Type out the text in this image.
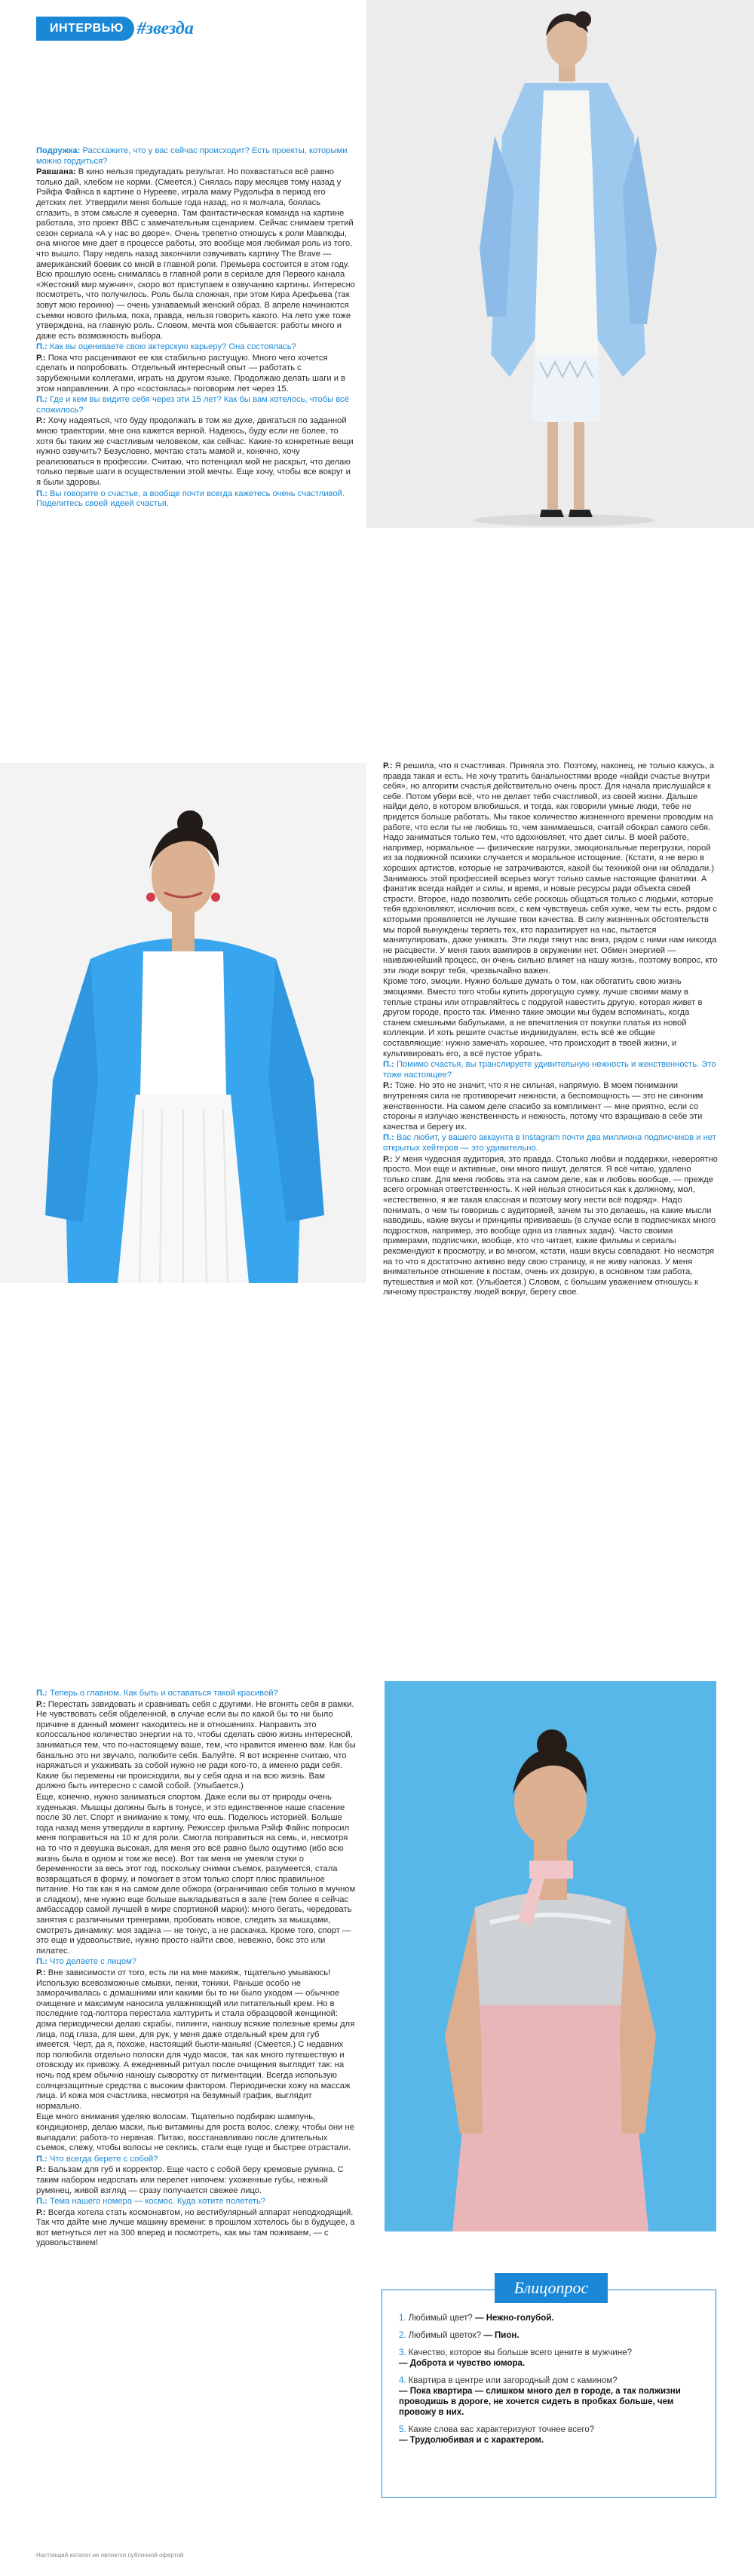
ИНТЕРВЬЮ #звезда

Подружка: Расскажите, что у вас сейчас происходит? Есть проекты, которыми можно гордиться?

Равшана: В кино нельзя предугадать результат. Но похвастаться всё равно только дай, хлебом не корми. (Смеется.) Снялась пару месяцев тому назад у Рэйфа Файнса в картине о Нурееве, играла маму Рудольфа в период его детских лет. Утвердили меня больше года назад, но я молчала, боялась сглазить, в этом смысле я суеверна. Там фантастическая команда на картине работала, это проект BBC с замечательным сценарием. Сейчас снимаем третий сезон сериала «А у нас во дворе». Очень трепетно отношусь к роли Мавлюды, она многое мне дает в процессе работы, это вообще моя любимая роль из того, что вышло. Пару недель назад закончили озвучивать картину The Brave — американский боевик со мной в главной роли. Премьера состоится в этом году. Всю прошлую осень снималась в главной роли в сериале для Первого канала «Жестокий мир мужчин», скоро вот приступаем к озвучанию картины. Интересно посмотреть, что получилось. Роль была сложная, при этом Кира Арефьева (так зовут мою героиню) — очень узнаваемый женский образ. В апреле начинаются съемки нового фильма, пока, правда, нельзя говорить какого. На лето уже тоже утверждена, на главную роль. Словом, мечта моя сбывается: работы много и даже есть возможность выбора.

П.: Как вы оцениваете свою актерскую карьеру? Она состоялась?

Р.: Пока что расценивают ее как стабильно растущую. Много чего хочется сделать и попробовать. Отдельный интересный опыт — работать с зарубежными коллегами, играть на другом языке. Продолжаю делать шаги и в этом направлении. А про «состоялась» поговорим лет через 15.

П.: Где и кем вы видите себя через эти 15 лет? Как бы вам хотелось, чтобы всё сложилось?

Р.: Хочу надеяться, что буду продолжать в том же духе, двигаться по заданной мною траектории, мне она кажется верной. Надеюсь, буду если не более, то хотя бы таким же счастливым человеком, как сейчас. Какие-то конкретные вещи нужно озвучить? Безусловно, мечтаю стать мамой и, конечно, хочу реализоваться в профессии. Считаю, что потенциал мой не раскрыт, что делаю только первые шаги в осуществлении этой мечты. Еще хочу, чтобы все вокруг и я были здоровы.

П.: Вы говорите о счастье, а вообще почти всегда кажетесь очень счастливой. Поделитесь своей идеей счастья.

Р.: Я решила, что я счастливая. Приняла это. Поэтому, наконец, не только кажусь, а правда такая и есть. Не хочу тратить банальностями вроде «найди счастье внутри себя», но алгоритм счастья действительно очень прост. Для начала прислушайся к себе. Потом убери всё, что не делает тебя счастливой, из своей жизни. Дальше найди дело, в котором влюбишься, и тогда, как говорили умные люди, тебе не придется больше работать. Мы такое количество жизненного времени проводим на работе, что если ты не любишь то, чем занимаешься, считай обокрал самого себя. Надо заниматься только тем, что вдохновляет, что дает силы. В моей работе, например, нормальное — физические нагрузки, эмоциональные перегрузки, порой из за подвижной психики случается и моральное истощение. (Кстати, я не верю в хороших артистов, которые не затрачиваются, какой бы техникой они ни обладали.) Занимаюсь этой профессией всерьез могут только самые настоящие фанатики. А фанатик всегда найдет и силы, и время, и новые ресурсы ради объекта своей страсти. Второе, надо позволить себе роскошь общаться только с людьми, которые тебя вдохновляют, исключив всех, с кем чувствуешь себя хуже, чем ты есть, рядом с которыми проявляется не лучшие твои качества. В силу жизненных обстоятельств мы порой вынуждены терпеть тех, кто паразитирует на нас, пытается манипулировать, даже унижать. Эти люди тянут нас вниз, рядом с ними нам никогда не расцвести. У меня таких вампиров в окружении нет. Обмен энергией — наиважнейший процесс, он очень сильно влияет на нашу жизнь, поэтому вопрос, кто эти люди вокруг тебя, чрезвычайно важен.

Кроме того, эмоции. Нужно больше думать о том, как обогатить свою жизнь эмоциями. Вместо того чтобы купить дорогущую сумку, лучше своими маму в теплые страны или отправляйтесь с подругой навестить другую, которая живет в другом городе, просто так. Именно такие эмоции мы будем вспоминать, когда станем смешными бабульками, а не впечатления от покупки платья из новой коллекции. И хоть решите счастье индивидуален, есть всё же общие составляющие: нужно замечать хорошее, что происходит в твоей жизни, и культивировать его, а всё пустое убрать.

П.: Помимо счастья, вы транслируете удивительную нежность и женственность. Это тоже настоящее?

Р.: Тоже. Но это не значит, что я не сильная, напрямую. В моем понимании внутренняя сила не противоречит нежности, а беспомощность — это не синоним женственности. На самом деле спасибо за комплимент — мне приятно, если со стороны я излучаю женственность и нежность, потому что взращиваю в себе эти качества и берегу их.

П.: Вас любит, у вашего аккаунта в Instagram почти два миллиона подписчиков и нет открытых хейтеров — это удивительно.

Р.: У меня чудесная аудитория, это правда. Столько любви и поддержки, невероятно просто. Мои еще и активные, они много пишут, делятся. Я всё читаю, удалено только спам. Для меня любовь эта на самом деле, как и любовь вообще, — прежде всего огромная ответственность. К ней нельзя относиться как к должному, мол, «естественно, я же такая классная и поэтому могу нести всё подряд». Надо понимать, о чем ты говоришь с аудиторией, зачем ты это делаешь, на какие мысли наводишь, какие вкусы и принципы прививаешь (в случае если в подписчиках много подростков, например, это вообще одна из главных задач). Часто своими примерами, подписчики, вообще, кто что читает, какие фильмы и сериалы рекомендуют к просмотру, и во многом, кстати, наши вкусы совпадают. Но несмотря на то что я достаточно активно веду свою страницу, я не живу напоказ. У меня внимательное отношение к постам, очень их дозирую, в основном там работа, путешествия и мой кот. (Улыбается.) Словом, с большим уважением отношусь к личному пространству людей вокруг, берегу свое.

П.: Теперь о главном. Как быть и оставаться такой красивой?

Р.: Перестать завидовать и сравнивать себя с другими. Не вгонять себя в рамки. Не чувствовать себя обделенной, в случае если вы по какой бы то ни было причине в данный момент находитесь не в отношениях. Направить это колоссальное количество энергии на то, чтобы сделать свою жизнь интересной, заниматься тем, что по-настоящему ваше, тем, что нравится именно вам. Как бы банально это ни звучало, полюбите себя. Балуйте. Я вот искренне считаю, что наряжаться и ухаживать за собой нужно не ради кого-то, а именно ради себя. Какие бы перемены ни происходили, вы у себя одна и на всю жизнь. Вам должно быть интересно с самой собой. (Улыбается.)

Еще, конечно, нужно заниматься спортом. Даже если вы от природы очень худенькая. Мышцы должны быть в тонусе, и это единственное наше спасение после 30 лет. Спорт и внимание к тому, что ешь. Поделюсь историей. Больше года назад меня утвердили в картину. Режиссер фильма Рэйф Файнс попросил меня поправиться на 10 кг для роли. Смогла поправиться на семь, и, несмотря на то что я девушка высокая, для меня это всё равно было ощутимо (ибо всю жизнь была в одном и том же весе). Вот так меня не умеяли стуки о беременности за весь этот год, поскольку снимки съемок, разумеется, стала возвращаться в форму, и помогает в этом только спорт плюс правильное питание. Но так как я на самом деле обжора (ограничиваю себя только в мучном и сладком), мне нужно еще больше выкладываться в зале (тем более я сейчас амбассадор самой лучшей в мире спортивной марки): много бегать, чередовать занятия с различными тренерами, пробовать новое, следить за мышцами, смотреть динамику: моя задача — не тонус, а не раскачка. Кроме того, спорт — это еще и удовольствие, нужно просто найти свое, невежно, бокс это или пилатес.

П.: Что делаете с лицом?

Р.: Вне зависимости от того, есть ли на мне макияж, тщательно умываюсь! Использую всевозможные смывки, пенки, тоники. Раньше особо не заморачивалась с домашними или какими бы то ни было уходом — обычное очищение и максимум наносила увлажняющий или питательный крем. Но в последние год-полтора перестала халтурить и стала образцовой женщиной: дома периодически делаю скрабы, пилинги, наношу всякие полезные кремы для лица, под глаза, для шеи, для рук, у меня даже отдельный крем для губ имеется. Черт, да я, похоже, настоящий бьюти-маньяк! (Смеется.) С недавних пор полюбила отдельно полоски для чудо масок, так как много путешествую и отовсюду их привожу. А ежедневный ритуал после очищения выглядит так: на ночь под крем обычно наношу сыворотку от пигментации. Всегда использую солнцезащитные средства с высоким фактором. Периодически хожу на массаж лица. И кожа моя счастлива, несмотря на безумный график, выглядит нормально.

Еще много внимания уделяю волосам. Тщательно подбираю шампунь, кондиционер, делаю маски, пью витамины для роста волос, слежу, чтобы они не выпадали: работа-то нервная. Питаю, восстанавливаю после длительных съемок, слежу, чтобы волосы не секлись, стали еще гуще и быстрее отрастали.

П.: Что всегда берете с собой?

Р.: Бальзам для губ и корректор. Еще часто с собой беру кремовые румяна. С таким набором недоспать или перелет нипочем: ухоженные губы, нежный румянец, живой взгляд — сразу получается свежее лицо.

П.: Тема нашего номера — космос. Куда хотите полететь?

Р.: Всегда хотела стать космонавтом, но вестибулярный аппарат неподходящий. Так что дайте мне лучше машину времени: в прошлом хотелось бы в будущее, а вот метнуться лет на 300 вперед и посмотреть, как мы там поживаем, — с удовольствием!

Блицопрос
1. Любимый цвет? — Нежно-голубой.
2. Любимый цветок? — Пион.
3. Качество, которое вы больше всего цените в мужчине?
— Доброта и чувство юмора.
4. Квартира в центре или загородный дом с камином?
— Пока квартира — слишком много дел в городе, а так полжизни проводишь в дороге, не хочется сидеть в пробках больше, чем провожу в них.
5. Какие слова вас характеризуют точнее всего?
— Трудолюбивая и с характером.
Настоящий каталог не является публичной офертой
